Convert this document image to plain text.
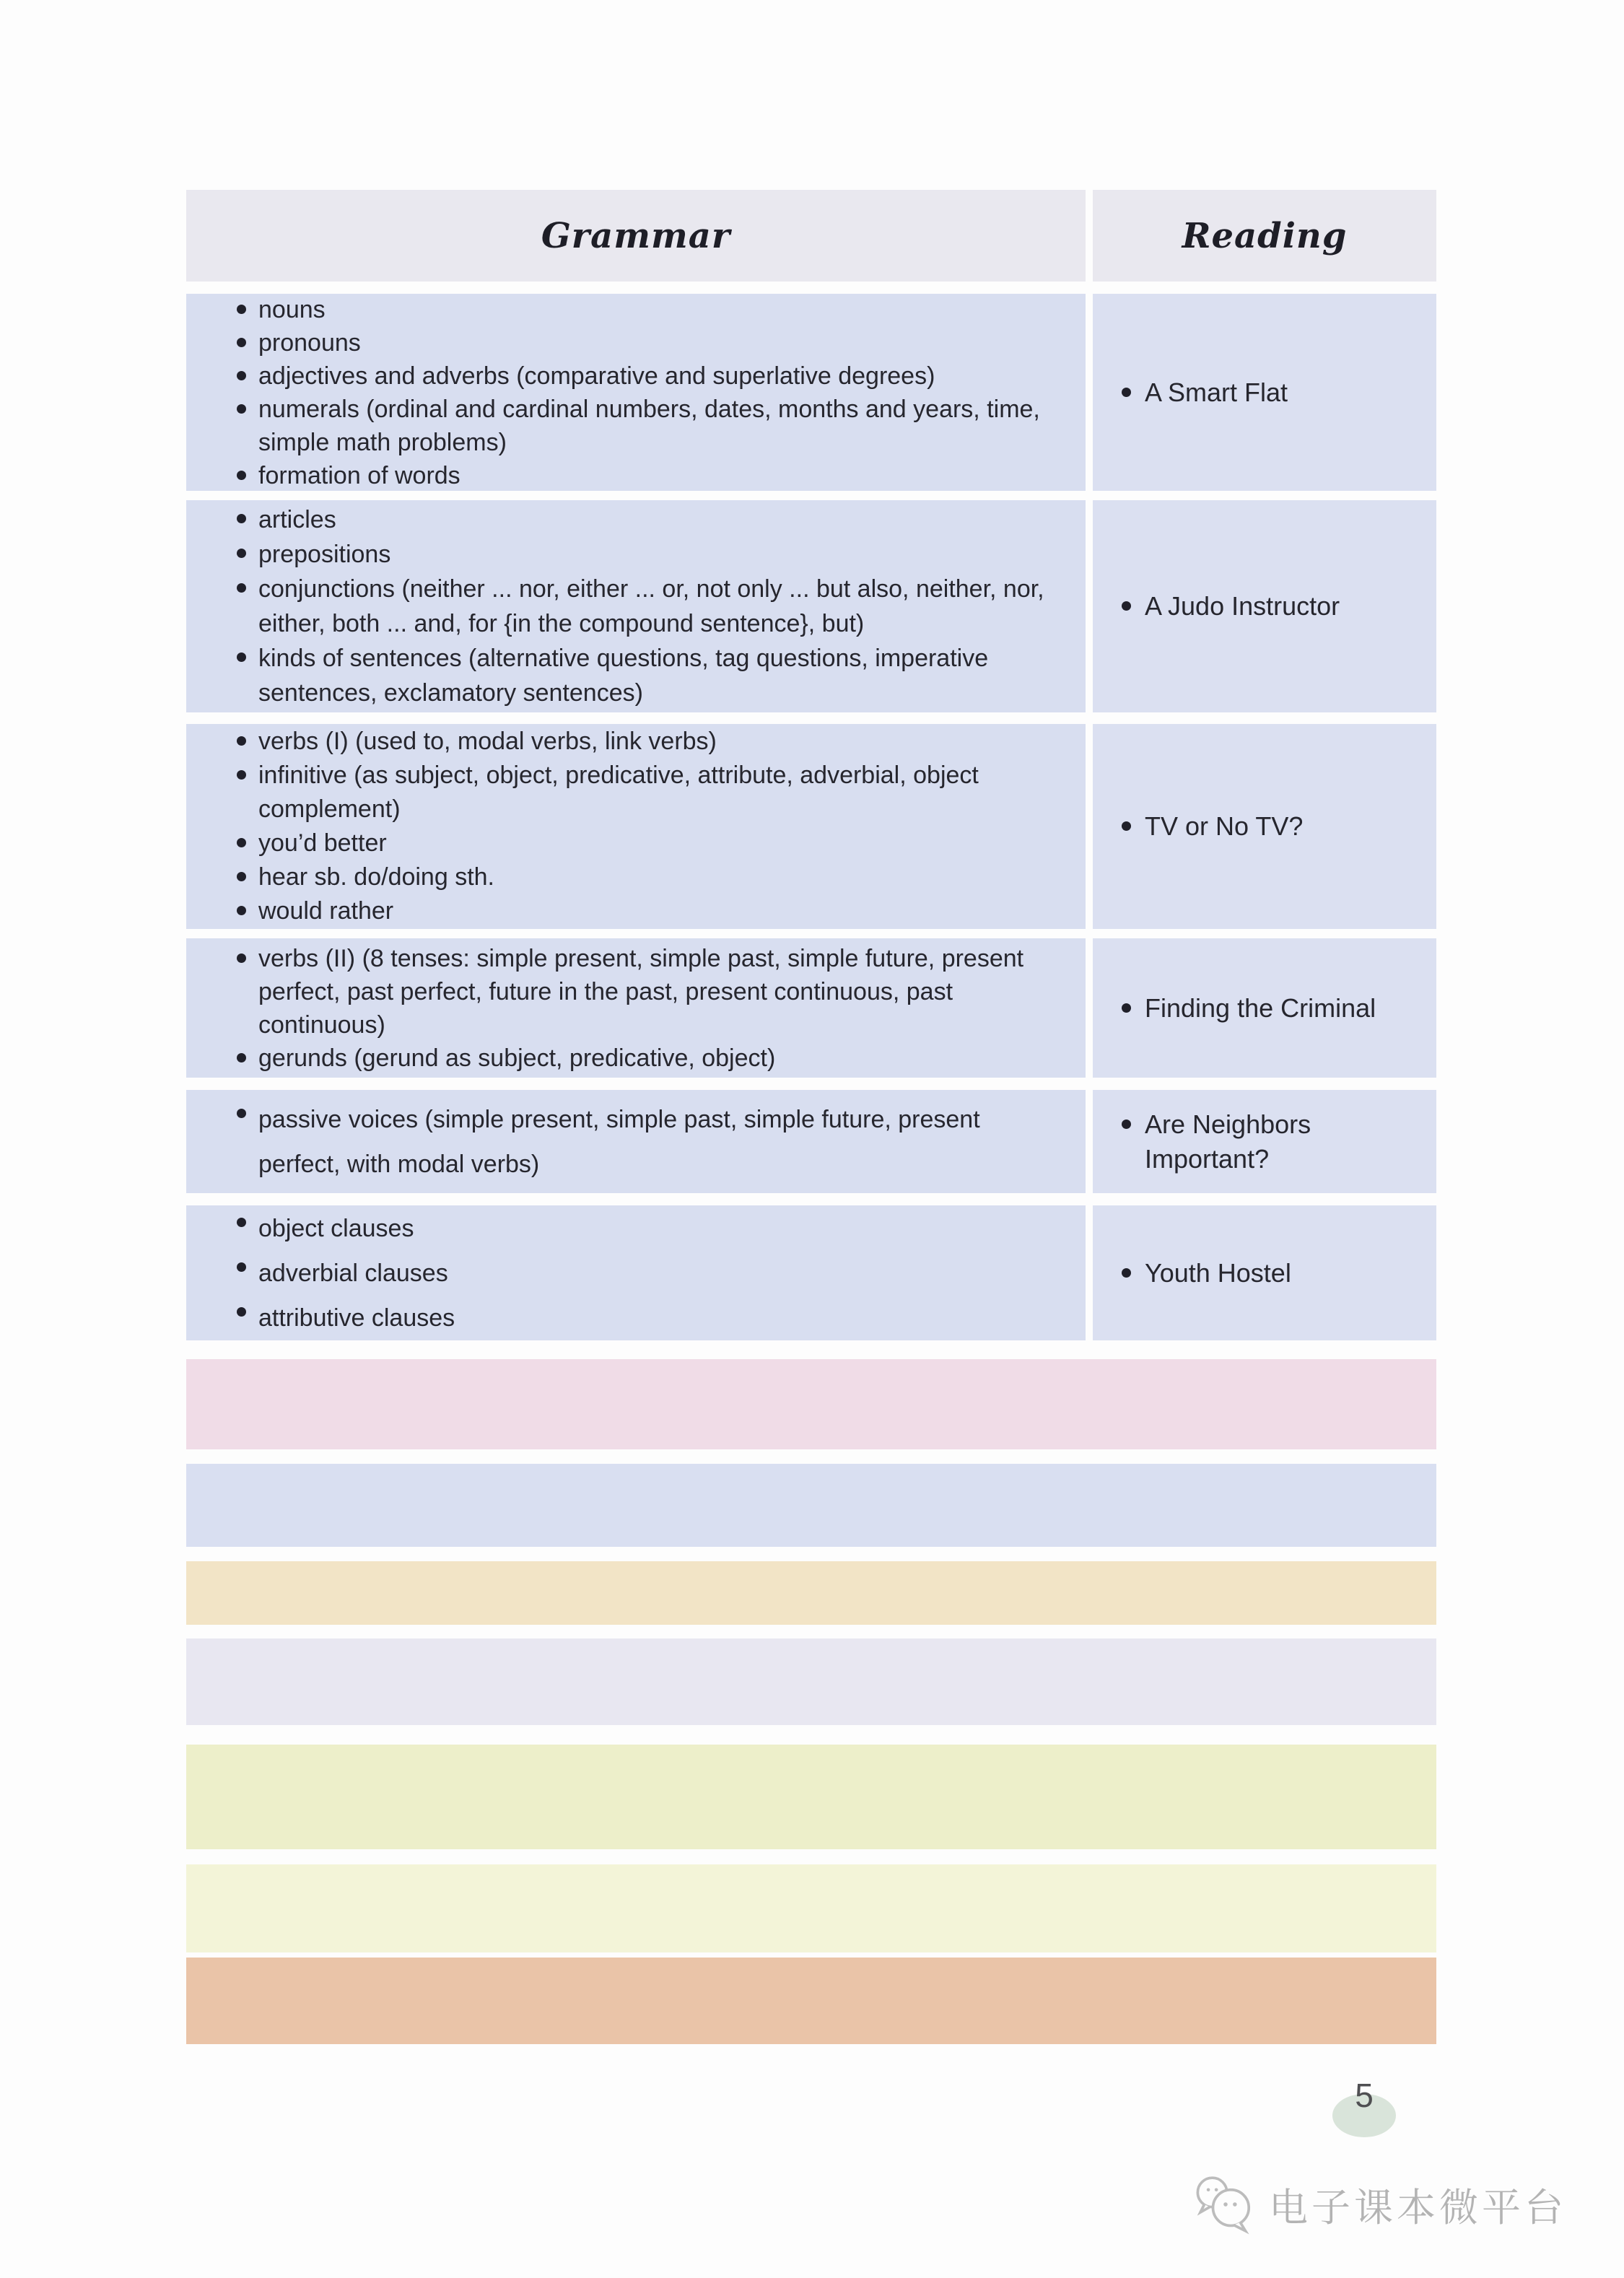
Grammar	Reading
nouns
pronouns
adjectives and adverbs (comparative and superlative degrees)
numerals (ordinal and cardinal numbers, dates, months and years, time, simple math problems)
formation of words
A Smart Flat
articles
prepositions
conjunctions (neither ... nor, either ... or, not only ... but also, neither, nor, either, both ... and, for {in the compound sentence}, but)
kinds of sentences (alternative questions, tag questions, imperative sentences, exclamatory sentences)
A Judo Instructor
verbs (I) (used to, modal verbs, link verbs)
infinitive (as subject, object, predicative, attribute, adverbial, object complement)
you’d better
hear sb. do/doing sth.
would rather
TV or No TV?
verbs (II) (8 tenses: simple present, simple past, simple future, present perfect, past perfect, future in the past, present continuous, past continuous)
gerunds (gerund as subject, predicative, object)
Finding the Criminal
passive voices (simple present, simple past, simple future, present perfect, with modal verbs)
Are Neighbors Important?
object clauses
adverbial clauses
attributive clauses
Youth Hostel
5
电子课本微平台
